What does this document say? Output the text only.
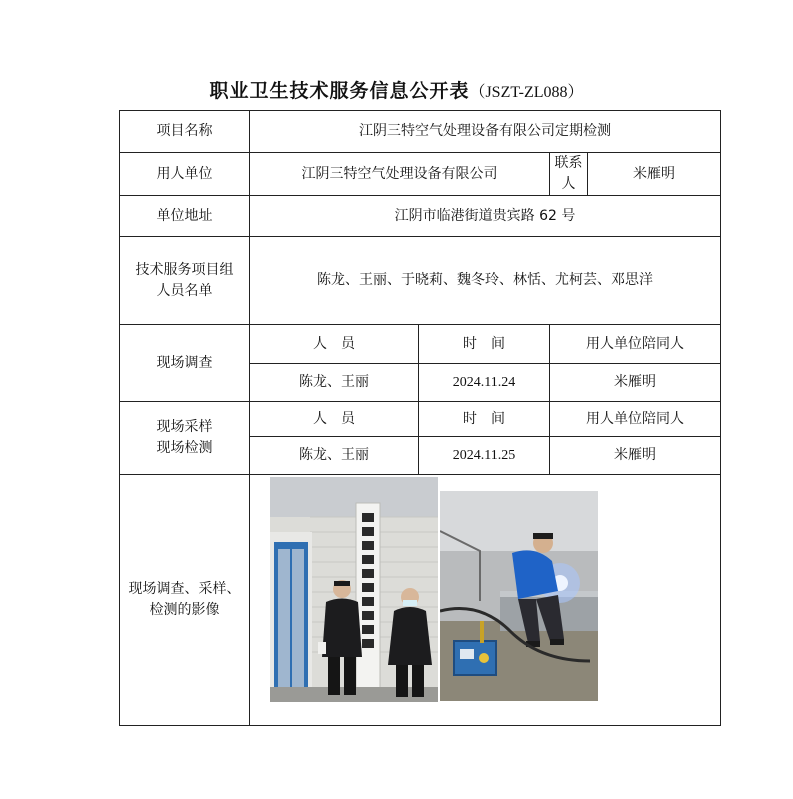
职业卫生技术服务信息公开表（JSZT-ZL088）
项目名称	江阴三特空气处理设备有限公司定期检测			
用人单位	江阴三特空气处理设备有限公司		联系人	米雁明
单位地址	江阴市临港街道贵宾路 62 号			

技术服务项目组
人员名单	陈龙、王丽、于晓莉、魏冬玲、林恬、尤柯芸、邓思洋			
现场调查	人　员	时　间	用人单位陪同人	
	陈龙、王丽	2024.11.24	米雁明	

现场采样
现场检测	人　员	时　间	用人单位陪同人	
	陈龙、王丽	2024.11.25	米雁明	

现场调查、采样、
检测的影像
